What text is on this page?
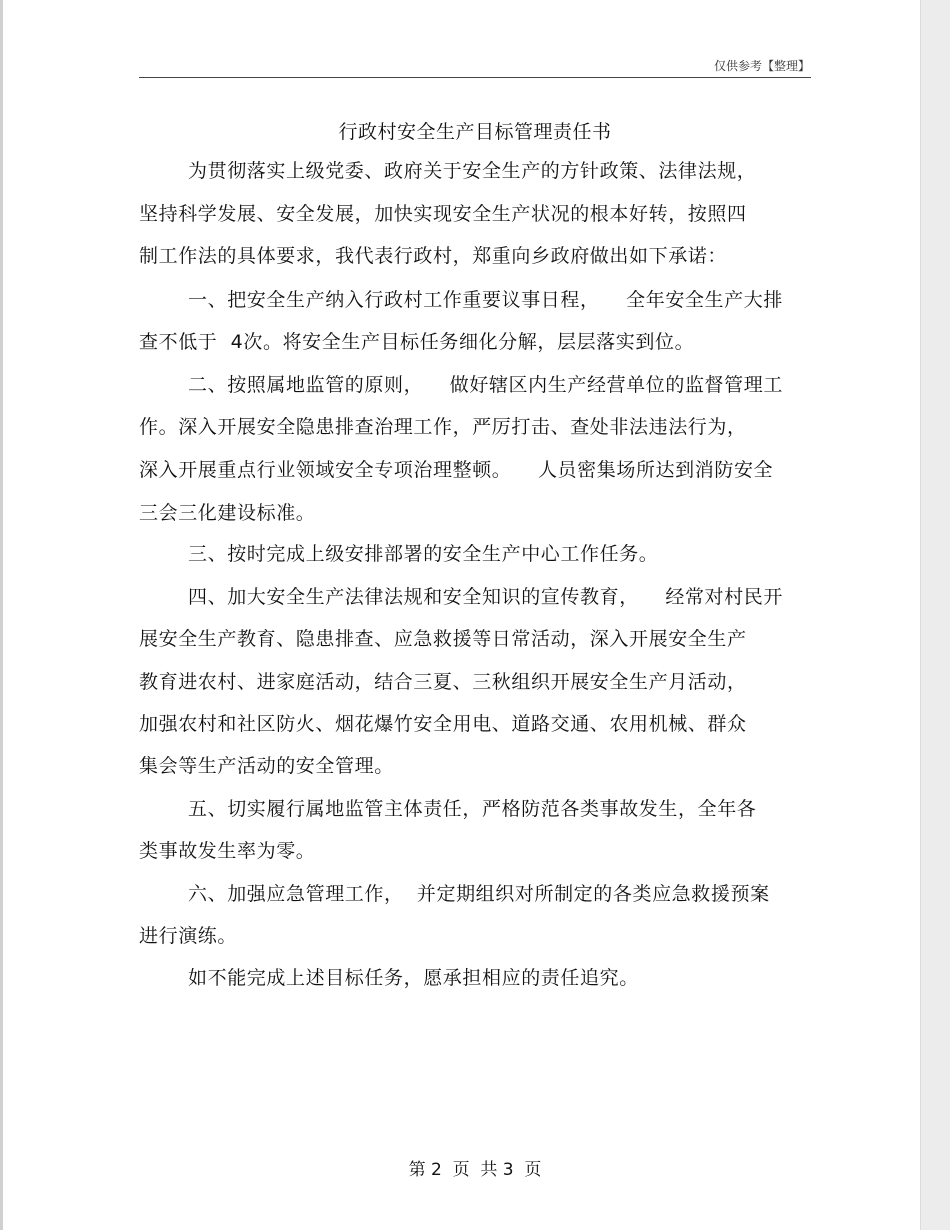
仅供参考【整理】
行政村安全生产目标管理责任书
为贯彻落实上级党委、政府关于安全生产的方针政策、法律法规，
坚持科学发展、安全发展，加快实现安全生产状况的根本好转，按照四
制工作法的具体要求，我代表行政村，郑重向乡政府做出如下承诺：
一、把安全生产纳入行政村工作重要议事日程，    全年安全生产大排
查不低于  4次。将安全生产目标任务细化分解，层层落实到位。
二、按照属地监管的原则，    做好辖区内生产经营单位的监督管理工
作。深入开展安全隐患排查治理工作，严厉打击、查处非法违法行为，
深入开展重点行业领域安全专项治理整顿。    人员密集场所达到消防安全
三会三化建设标准。
三、按时完成上级安排部署的安全生产中心工作任务。
四、加大安全生产法律法规和安全知识的宣传教育，    经常对村民开
展安全生产教育、隐患排查、应急救援等日常活动，深入开展安全生产
教育进农村、进家庭活动，结合三夏、三秋组织开展安全生产月活动，
加强农村和社区防火、烟花爆竹安全用电、道路交通、农用机械、群众
集会等生产活动的安全管理。
五、切实履行属地监管主体责任，严格防范各类事故发生，全年各
类事故发生率为零。
六、加强应急管理工作，  并定期组织对所制定的各类应急救援预案
进行演练。
如不能完成上述目标任务，愿承担相应的责任追究。
第 2  页  共 3  页
